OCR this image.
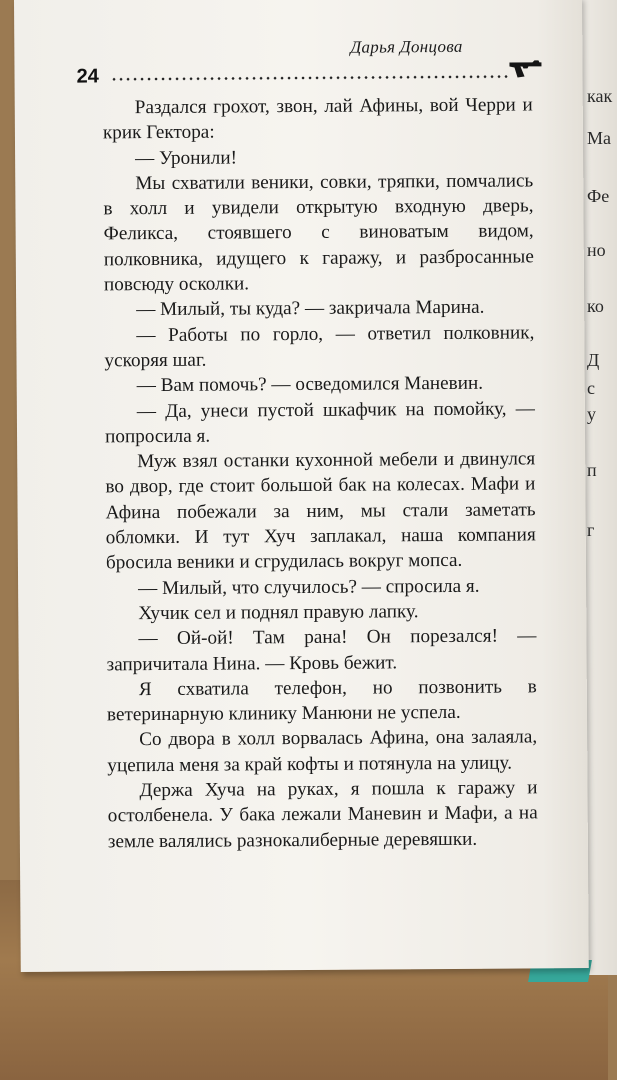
как
Ма
Фе
но
ко
Д
с
у
п
г
Дарья Донцова
24

Раздался грохот, звон, лай Афины, вой Черри и крик Гектора:

— Уронили!

Мы схватили веники, совки, тряпки, помчались в холл и увидели открытую входную дверь, Феликса, стоявшего с виноватым видом, полковника, идущего к гаражу, и разбросанные повсюду осколки.

— Милый, ты куда? — закричала Марина.

— Работы по горло, — ответил полковник, ускоряя шаг.

— Вам помочь? — осведомился Маневин.

— Да, унеси пустой шкафчик на помойку, — попросила я.

Муж взял останки кухонной мебели и двинулся во двор, где стоит большой бак на колесах. Мафи и Афина побежали за ним, мы стали заметать обломки. И тут Хуч заплакал, наша компания бросила веники и сгрудилась вокруг мопса.

— Милый, что случилось? — спросила я.

Хучик сел и поднял правую лапку.

— Ой-ой! Там рана! Он порезался! — запричитала Нина. — Кровь бежит.

Я схватила телефон, но позвонить в ветеринарную клинику Манюни не успела.

Со двора в холл ворвалась Афина, она залаяла, уцепила меня за край кофты и потянула на улицу.

Держа Хуча на руках, я пошла к гаражу и остолбенела. У бака лежали Маневин и Мафи, а на земле валялись разнокалиберные деревяшки.
